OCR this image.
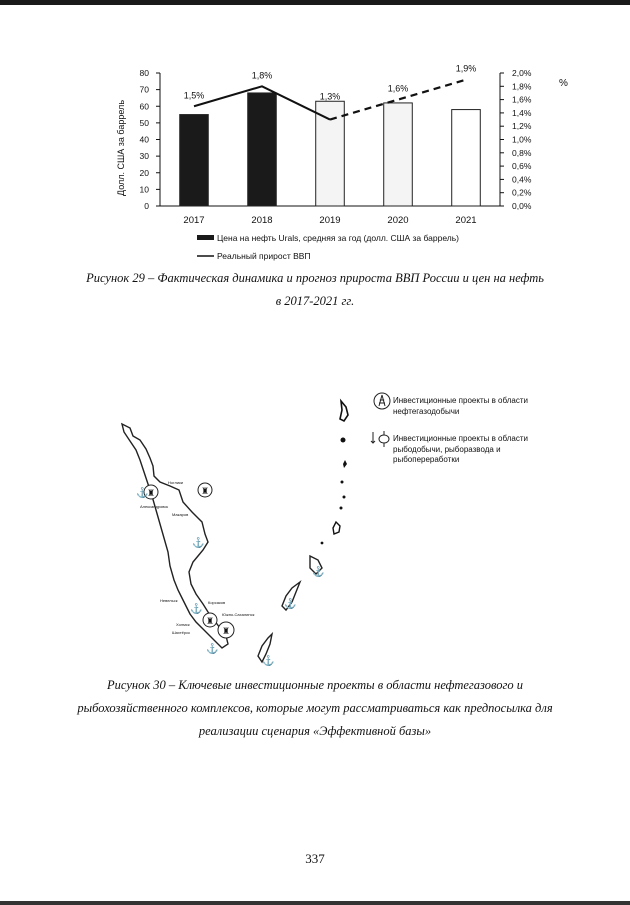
0
10
20
30
40
50
60
70
80
0,0%
0,2%
0,4%
0,6%
0,8%
1,0%
1,2%
1,4%
1,6%
1,8%
2,0%
1,5%
1,8%
1,3%
1,6%
1,9%
2017	2018	2019	2020	2021
Долл. США за баррель
%
Цена на нефть Urals, средняя за год (долл. США за баррель)
Реальный прирост ВВП
Рисунок 29 – Фактическая динамика и прогноз прироста ВВП России и цен на нефть
в 2017-2021 гг.
♜	♜
♜
♜
⚓
⚓
⚓
⚓
⚓
⚓
⚓
Ноглики
Александровск
Корсаков
Южно-Сахалинск
Холмск
Шахтёрск
Невельск
Макаров
Инвестиционные проекты в области нефтегазодобычи
Инвестиционные проекты в области рыбодобычи, рыборазвода и рыбопереработки
Рисунок 30 – Ключевые инвестиционные проекты в области нефтегазового и
рыбохозяйственного комплексов, которые могут рассматриваться как предпосылка для
реализации сценария «Эффективной базы»
337
